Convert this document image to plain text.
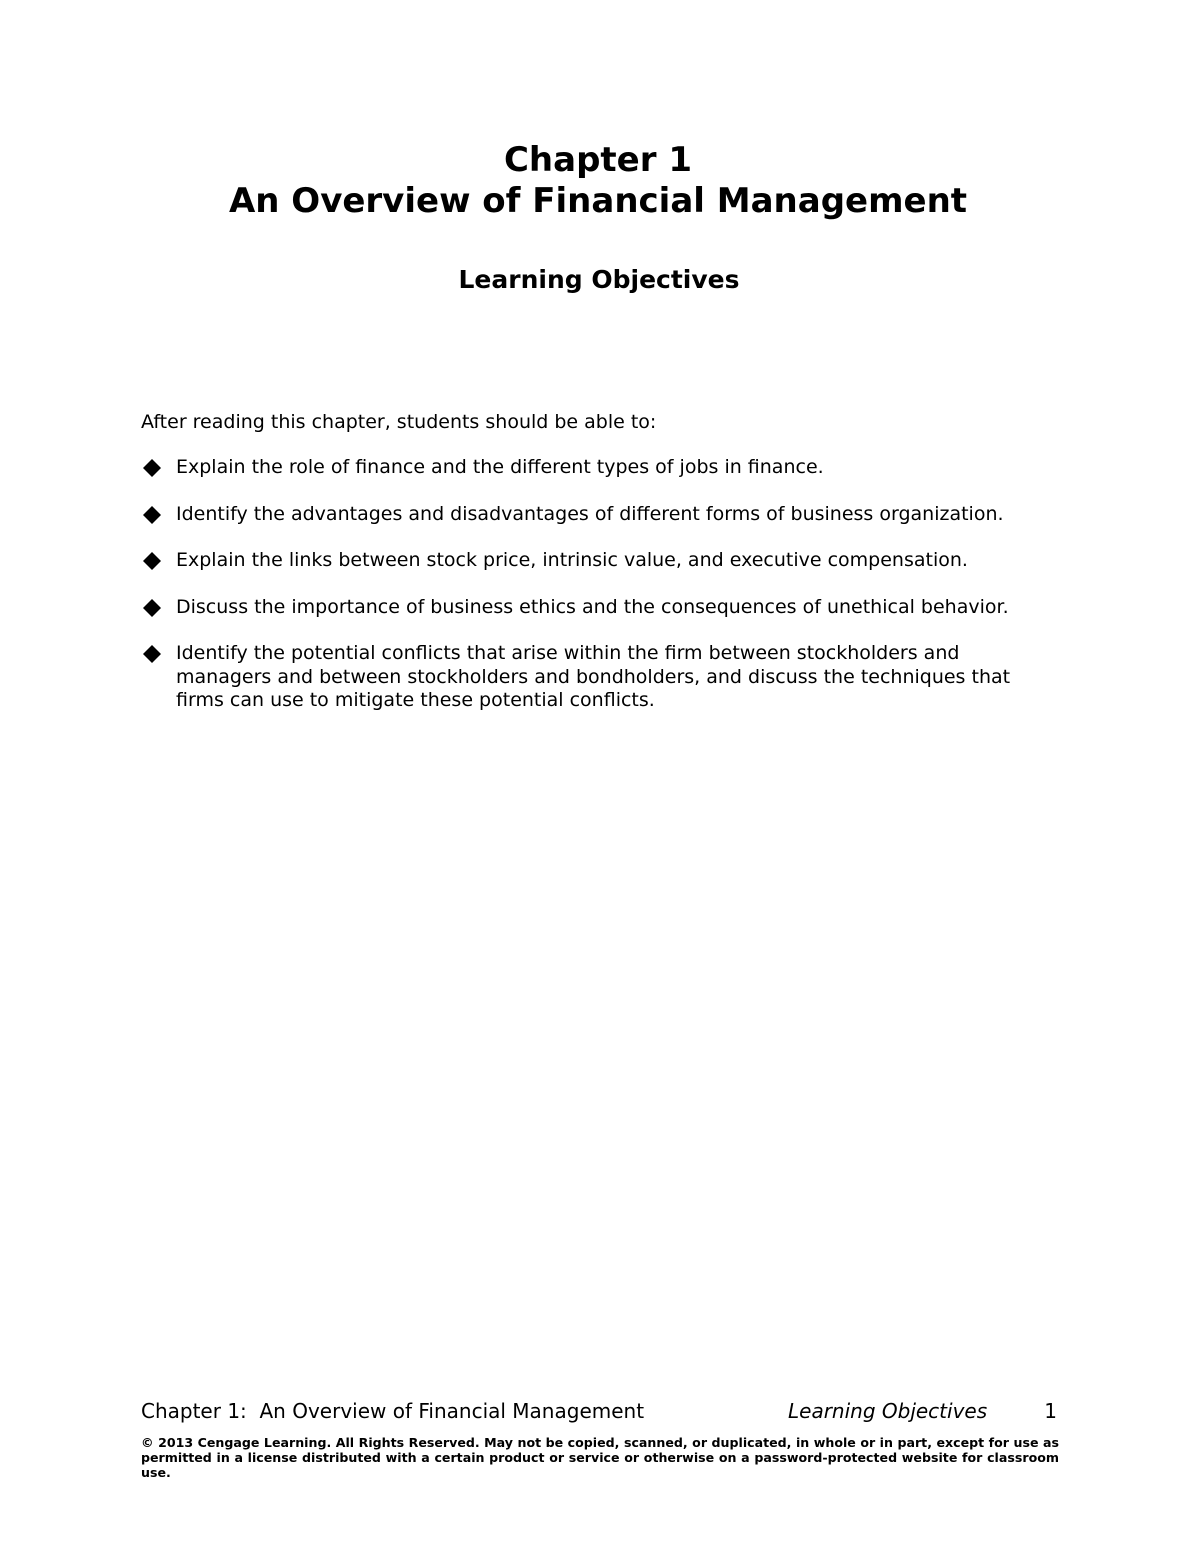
Chapter 1
An Overview of Financial Management
Learning Objectives

After reading this chapter, students should be able to:

Explain the role of finance and the different types of jobs in finance.
Identify the advantages and disadvantages of different forms of business organization.
Explain the links between stock price, intrinsic value, and executive compensation.
Discuss the importance of business ethics and the consequences of unethical behavior.
Identify the potential conflicts that arise within the firm between stockholders and managers and between stockholders and bondholders, and discuss the techniques that firms can use to mitigate these potential conflicts.
Chapter 1:  An Overview of Financial Management	Learning Objectives	1

© 2013 Cengage Learning. All Rights Reserved. May not be copied, scanned, or duplicated, in whole or in part, except for use as permitted in a license distributed with a certain product or service or otherwise on a password-protected website for classroom use.
